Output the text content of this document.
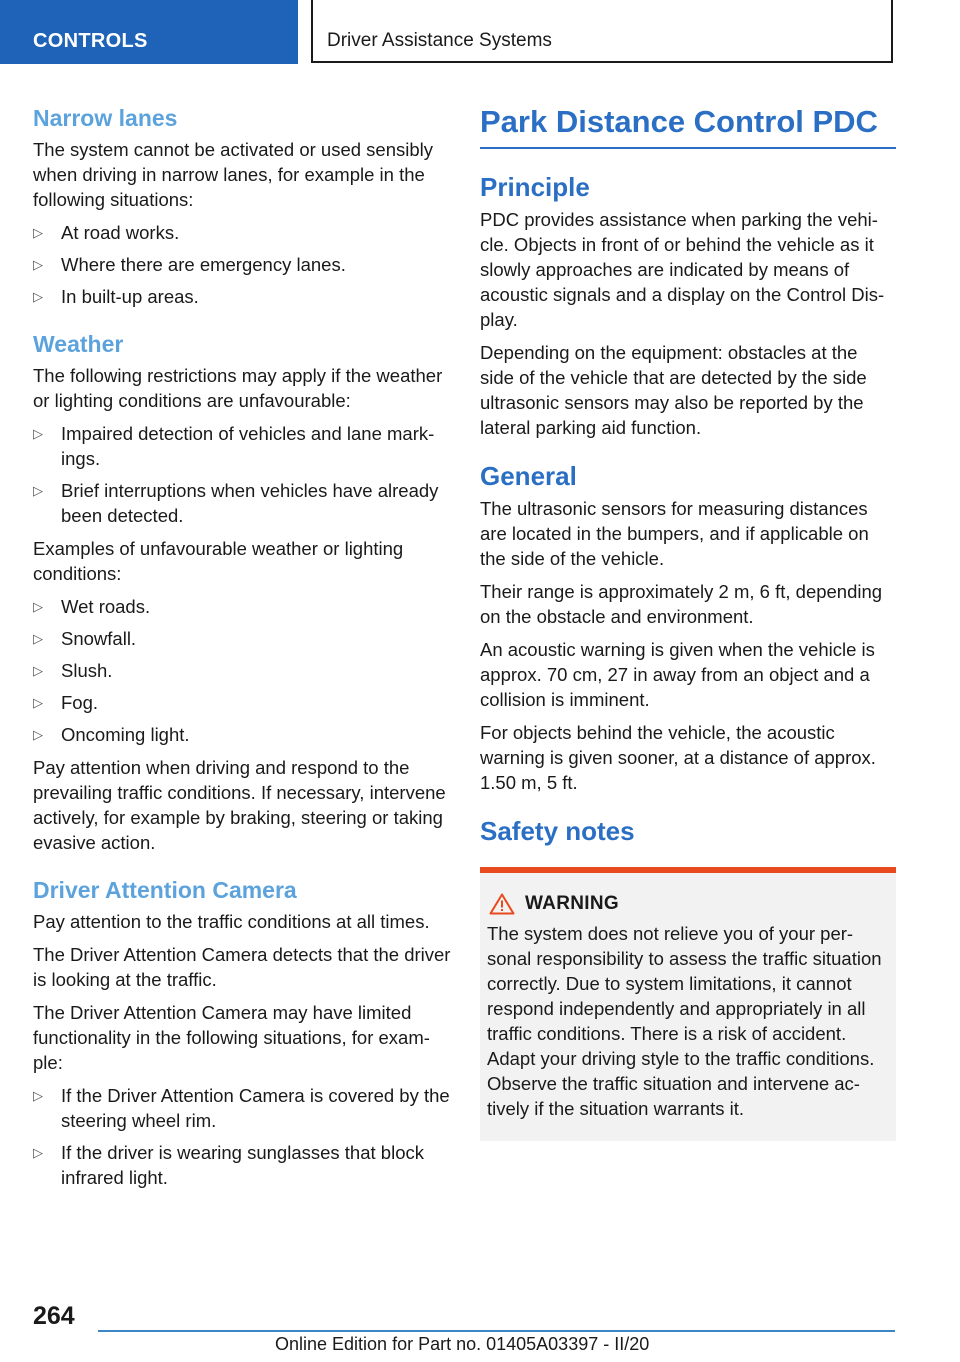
CONTROLS	Driver Assistance Systems
Narrow lanes

The system cannot be activated or used sensibly when driving in narrow lanes, for example in the following situations:

▷ At road works.
▷ Where there are emergency lanes.
▷ In built-up areas.
Weather

The following restrictions may apply if the weather or lighting conditions are unfavourable:

▷ Impaired detection of vehicles and lane markings.
▷ Brief interruptions when vehicles have already been detected.

Examples of unfavourable weather or lighting conditions:

▷ Wet roads.
▷ Snowfall.
▷ Slush.
▷ Fog.
▷ Oncoming light.

Pay attention when driving and respond to the prevailing traffic conditions. If necessary, intervene actively, for example by braking, steering or taking evasive action.

Driver Attention Camera

Pay attention to the traffic conditions at all times.

The Driver Attention Camera detects that the driver is looking at the traffic.

The Driver Attention Camera may have limited functionality in the following situations, for example:

▷ If the Driver Attention Camera is covered by the steering wheel rim.
▷ If the driver is wearing sunglasses that block infrared light.
Park Distance Control PDC
Principle

PDC provides assistance when parking the vehicle. Objects in front of or behind the vehicle as it slowly approaches are indicated by means of acoustic signals and a display on the Control Display.

Depending on the equipment: obstacles at the side of the vehicle that are detected by the side ultrasonic sensors may also be reported by the lateral parking aid function.

General

The ultrasonic sensors for measuring distances are located in the bumpers, and if applicable on the side of the vehicle.

Their range is approximately 2 m, 6 ft, depending on the obstacle and environment.

An acoustic warning is given when the vehicle is approx. 70 cm, 27 in away from an object and a collision is imminent.

For objects behind the vehicle, the acoustic warning is given sooner, at a distance of approx. 1.50 m, 5 ft.

Safety notes
WARNING

The system does not relieve you of your personal responsibility to assess the traffic situation correctly. Due to system limitations, it cannot respond independently and appropriately in all traffic conditions. There is a risk of accident. Adapt your driving style to the traffic conditions. Observe the traffic situation and intervene actively if the situation warrants it.

264
Online Edition for Part no. 01405A03397 - II/20
